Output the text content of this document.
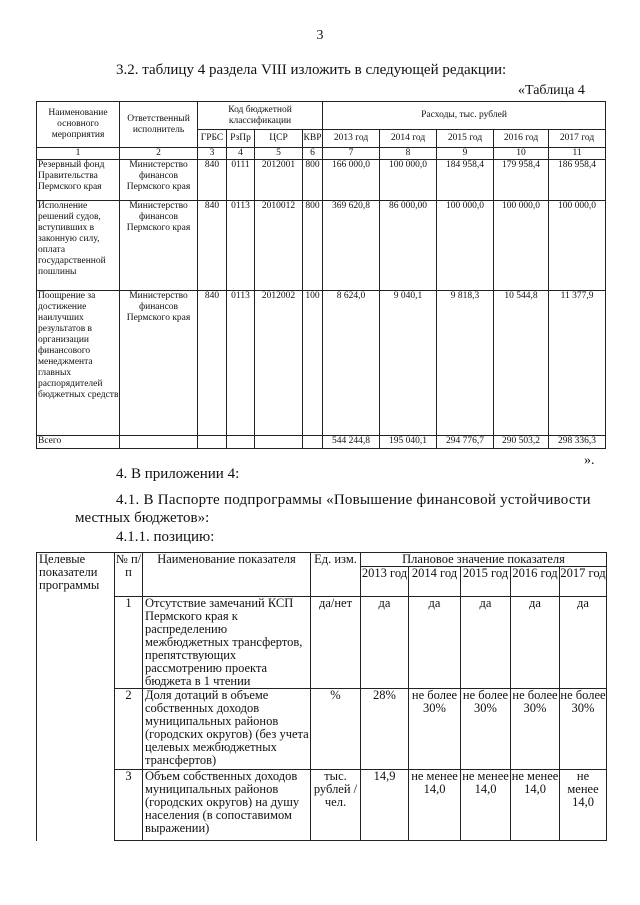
3
3.2. таблицу 4 раздела VIII изложить в следующей редакции:
«Таблица 4
Наименование основного мероприятия	Ответственный исполнитель	Код бюджетной классификации				Расходы, тыс. рублей				
		ГРБС	РзПр	ЦСР	КВР	2013 год	2014 год	2015 год	2016 год	2017 год
1	2	3	4	5	6	7	8	9	10	11
Резервный фонд Правительства Пермского края	Министерство финансов Пермского края	840	0111	2012001	800	166 000,0	100 000,0	184 958,4	179 958,4	186 958,4
Исполнение решений судов, вступивших в законную силу, оплата государственной пошлины	Министерство финансов Пермского края	840	0113	2010012	800	369 620,8	86 000,00	100 000,0	100 000,0	100 000,0
Поощрение за достижение наилучших результатов в организации финансового менеджмента главных распорядителей бюджетных средств	Министерство финансов Пермского края	840	0113	2012002	100	8 624,0	9 040,1	9 818,3	10 544,8	11 377,9
Всего						544 244,8	195 040,1	294 776,7	290 503,2	298 336,3
».
4. В приложении 4:
4.1. В Паспорте подпрограммы «Повышение финансовой устойчивости
местных бюджетов»:
4.1.1. позицию:
Целевые показатели программы	№ п/п	Наименование показателя	Ед. изм.	Плановое значение показателя				
				2013 год	2014 год	2015 год	2016 год	2017 год
	1	Отсутствие замечаний КСП Пермского края к распределению межбюджетных трансфертов, препятствующих рассмотрению проекта бюджета в 1 чтении	да/нет	да	да	да	да	да
	2	Доля дотаций в объеме собственных доходов муниципальных районов (городских округов) (без учета целевых межбюджетных трансфертов)	%	28%	не более 30%	не более 30%	не более 30%	не более 30%
	3	Объем собственных доходов муниципальных районов (городских округов) на душу населения (в сопоставимом выражении)	тыс. рублей /чел.	14,9	не менее 14,0	не менее 14,0	не менее 14,0	не менее 14,0
